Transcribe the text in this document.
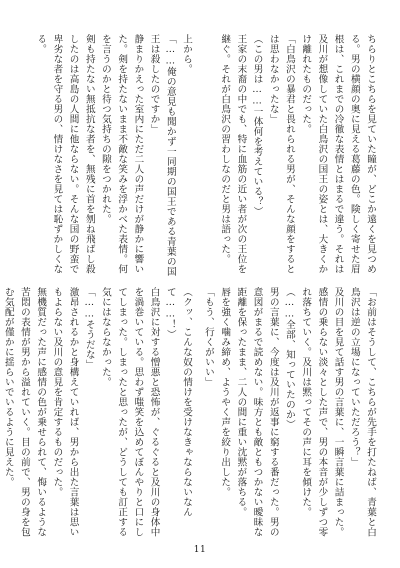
ちらりとこちらを見ていた瞳が、どこか遠くを見つめる。男の横顔の奥に見える葛藤の色。険しく寄せた眉根は、これまでの冷徹な表情とはまるで違う。それは及川が想像していた白鳥沢の国王の姿とは、大きくかけ離れたものだった。
「白鳥沢の暴君と畏れられる男が、そんな顔をするとは思わなかったな」
（この男は……一体何を考えている？）
王家の末裔の中でも、特に血筋の近い者が次の王位を継ぐ。それが白鳥沢の習わしなのだと男は語った。
上から。
「……俺の意見も聞かず一同期の国王である青葉の国王は殺したのですか」
静まりかえった室内にただ二人の声だけが静かに響いた。剣を持たないまま不敵な笑みを浮かべた表情。何を言うのかと待つ気持ちの隙をつかれた。
剣も持たない無抵抗な者を、無残に首を刎ね飛ばし殺したのは高島の人間に他ならない。そんな国の野蛮で卑劣な者を守る男の、情けなさを見ては恥ずかしくなる。
「お前はそうして、こちらが先手を打たねば、青葉と白鳥沢は逆の立場になっていただろう？」
及川の目を見て話す男の言葉に、一瞬言葉に詰まった。
感情の乗らない淡々とした声で、男の本音が少しずつ零れ落ちていく。及川は黙ってその声に耳を傾けた。
（……全部、知っていたのか）
男の言葉に、今度は及川が返事に窮する番だった。男の意図がまるで読めない。味方とも敵ともつかない曖昧な距離を保ったまま、二人の間に重い沈黙が落ちる。
唇を強く噛み締め、ようやく声を絞り出した。
「もう、行くがいい」
（クッ、こんな奴の情けを受けなきゃならないなんて……！）
白鳥沢に対する憎悪と恐怖が、ぐるぐると及川の身体中を渦巻いている。思わず嗤笑を込めてぼんやりと口にしてしまった。しまったと思ったが、どうしても訂正する気にはならなかった。
「……そうだな」
激昂されるかと身構えていれば、男から出た言葉は思いもよらない及川の意見を肯定するものだった。
無機質だった声に感情の色が乗せられて、悔いるような苦悶の表情が男から溢れていく。目の前で、男の身を包む気配が僅かに揺らいでいるように見えた。

11
